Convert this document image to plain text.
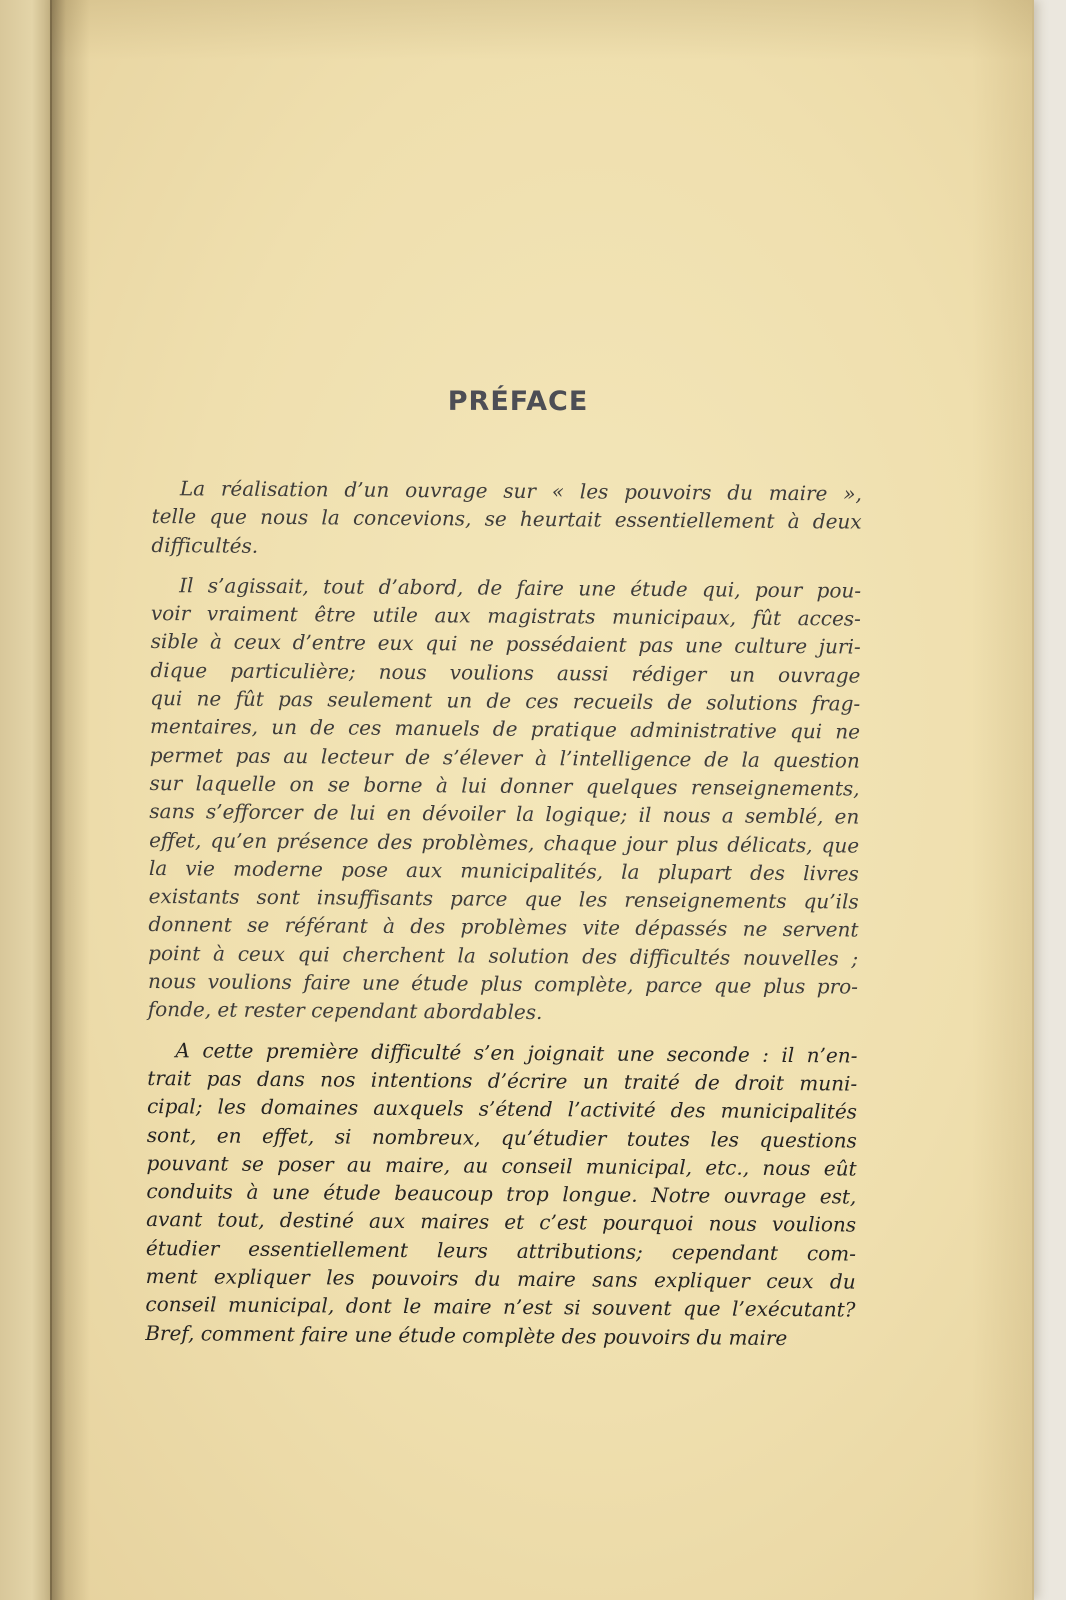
PRÉFACE
La réalisation d’un ouvrage sur « les pouvoirs du maire »,
telle que nous la concevions, se heurtait essentiellement à deux
difficultés.
Il s’agissait, tout d’abord, de faire une étude qui, pour pou-
voir vraiment être utile aux magistrats municipaux, fût acces-
sible à ceux d’entre eux qui ne possédaient pas une culture juri-
dique particulière; nous voulions aussi rédiger un ouvrage
qui ne fût pas seulement un de ces recueils de solutions frag-
mentaires, un de ces manuels de pratique administrative qui ne
permet pas au lecteur de s’élever à l’intelligence de la question
sur laquelle on se borne à lui donner quelques renseignements,
sans s’efforcer de lui en dévoiler la logique; il nous a semblé, en
effet, qu’en présence des problèmes, chaque jour plus délicats, que
la vie moderne pose aux municipalités, la plupart des livres
existants sont insuffisants parce que les renseignements qu’ils
donnent se référant à des problèmes vite dépassés ne servent
point à ceux qui cherchent la solution des difficultés nouvelles ;
nous voulions faire une étude plus complète, parce que plus pro-
fonde, et rester cependant abordables.
A cette première difficulté s’en joignait une seconde : il n’en-
trait pas dans nos intentions d’écrire un traité de droit muni-
cipal; les domaines auxquels s’étend l’activité des municipalités
sont, en effet, si nombreux, qu’étudier toutes les questions
pouvant se poser au maire, au conseil municipal, etc., nous eût
conduits à une étude beaucoup trop longue. Notre ouvrage est,
avant tout, destiné aux maires et c’est pourquoi nous voulions
étudier essentiellement leurs attributions; cependant com-
ment expliquer les pouvoirs du maire sans expliquer ceux du
conseil municipal, dont le maire n’est si souvent que l’exécutant?
Bref, comment faire une étude complète des pouvoirs du maire
